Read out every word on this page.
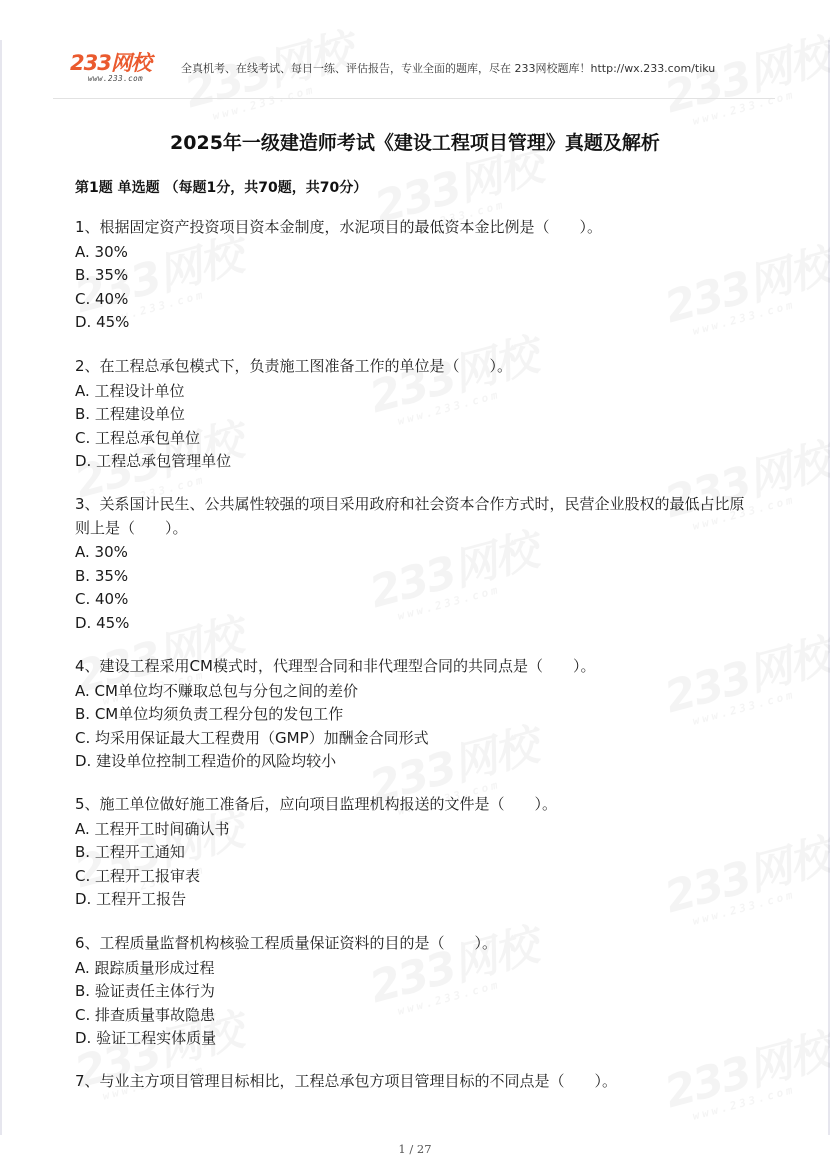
233网校
www.233.com
全真机考、在线考试、每日一练、评估报告，专业全面的题库，尽在 233网校题库！http://wx.233.com/tiku
2025年一级建造师考试《建设工程项目管理》真题及解析
第1题 单选题 （每题1分，共70题，共70分）
1、根据固定资产投资项目资本金制度，水泥项目的最低资本金比例是（　　）。
A. 30%
B. 35%
C. 40%
D. 45%
2、在工程总承包模式下，负责施工图准备工作的单位是（　　）。
A. 工程设计单位
B. 工程建设单位
C. 工程总承包单位
D. 工程总承包管理单位
3、关系国计民生、公共属性较强的项目采用政府和社会资本合作方式时，民营企业股权的最低占比原则上是（　　）。
A. 30%
B. 35%
C. 40%
D. 45%
4、建设工程采用CM模式时，代理型合同和非代理型合同的共同点是（　　）。
A. CM单位均不赚取总包与分包之间的差价
B. CM单位均须负责工程分包的发包工作
C. 均采用保证最大工程费用（GMP）加酬金合同形式
D. 建设单位控制工程造价的风险均较小
5、施工单位做好施工准备后，应向项目监理机构报送的文件是（　　）。
A. 工程开工时间确认书
B. 工程开工通知
C. 工程开工报审表
D. 工程开工报告
6、工程质量监督机构核验工程质量保证资料的目的是（　　）。
A. 跟踪质量形成过程
B. 验证责任主体行为
C. 排查质量事故隐患
D. 验证工程实体质量
7、与业主方项目管理目标相比，工程总承包方项目管理目标的不同点是（　　）。
1 / 27
